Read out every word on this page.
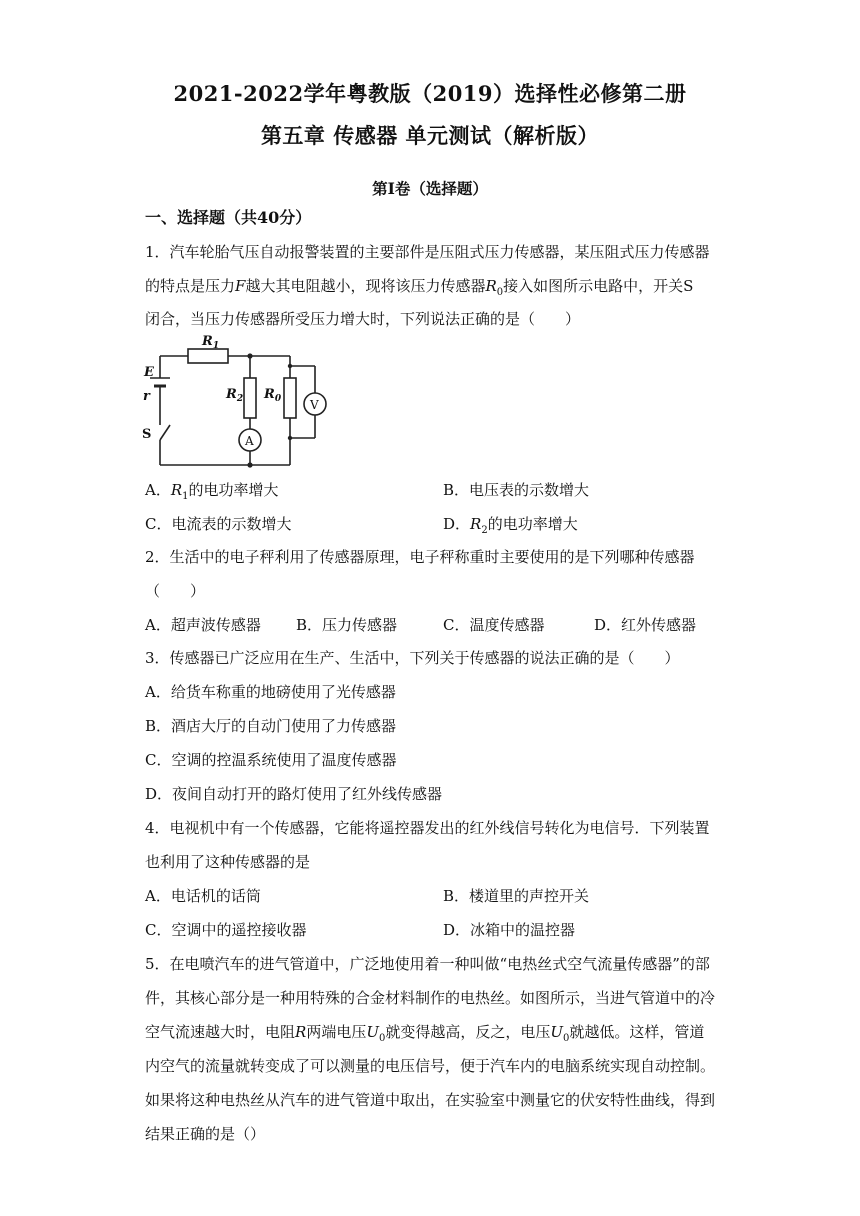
2021-2022学年粤教版（2019）选择性必修第二册
第五章 传感器 单元测试（解析版）
第Ⅰ卷（选择题）
一、选择题（共40分）
1．汽车轮胎气压自动报警装置的主要部件是压阻式压力传感器，某压阻式压力传感器
的特点是压力F越大其电阻越小，现将该压力传感器$R_0$接入如图所示电路中，开关S
闭合，当压力传感器所受压力增大时，下列说法正确的是（　　）
$R_1$
$R_2$ $R_0$
E
r
S	A
V
A．$R_1$的电功率增大	B．电压表的示数增大
C．电流表的示数增大	D．$R_2$的电功率增大
2．生活中的电子秤利用了传感器原理，电子秤称重时主要使用的是下列哪种传感器
（　　）
A．超声波传感器 B．压力传感器	C．温度传感器	D．红外传感器
3．传感器已广泛应用在生产、生活中，下列关于传感器的说法正确的是（　　）
A．给货车称重的地磅使用了光传感器
B．酒店大厅的自动门使用了力传感器
C．空调的控温系统使用了温度传感器
D．夜间自动打开的路灯使用了红外线传感器
4．电视机中有一个传感器，它能将遥控器发出的红外线信号转化为电信号．下列装置
也利用了这种传感器的是
A．电话机的话筒	B．楼道里的声控开关
C．空调中的遥控接收器	D．冰箱中的温控器
5．在电喷汽车的进气管道中，广泛地使用着一种叫做“电热丝式空气流量传感器”的部
件，其核心部分是一种用特殊的合金材料制作的电热丝。如图所示，当进气管道中的冷
空气流速越大时，电阻R两端电压$U_0$就变得越高，反之，电压$U_0$就越低。这样，管道
内空气的流量就转变成了可以测量的电压信号，便于汽车内的电脑系统实现自动控制。
如果将这种电热丝从汽车的进气管道中取出，在实验室中测量它的伏安特性曲线，得到
结果正确的是（）
